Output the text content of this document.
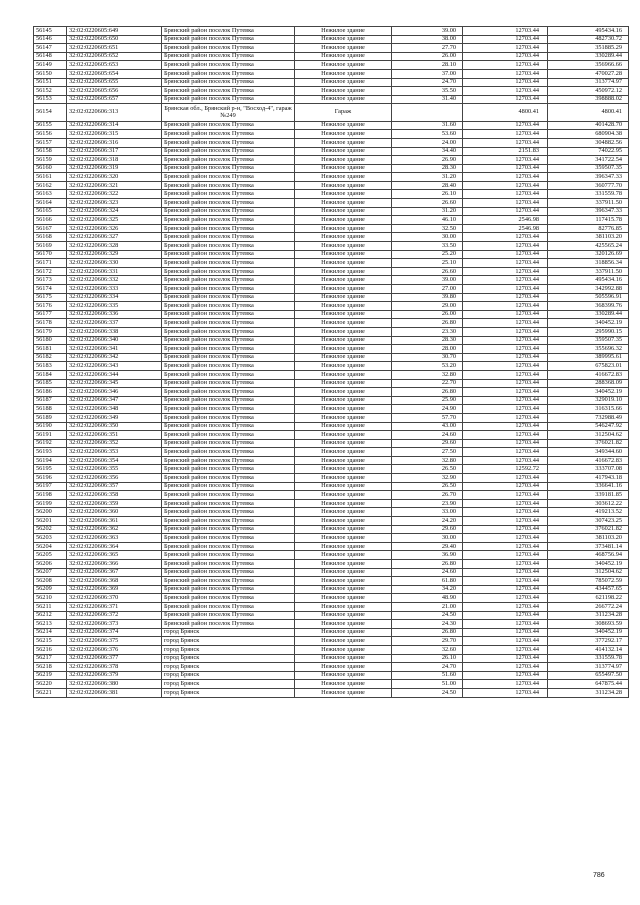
56145	32:02:0220605:649	Брянский район поселок Путевка	Нежилое здание	39.00	12703.44	495434.16
56146	32:02:0220605:650	Брянский район поселок Путевка	Нежилое здание	38.00	12703.44	482730.72
56147	32:02:0220605:651	Брянский район поселок Путевка	Нежилое здание	27.70	12703.44	351885.29
56148	32:02:0220605:652	Брянский район поселок Путевка	Нежилое здание	26.00	12703.44	330289.44
56149	32:02:0220605:653	Брянский район поселок Путевка	Нежилое здание	28.10	12703.44	356966.66
56150	32:02:0220605:654	Брянский район поселок Путевка	Нежилое здание	37.00	12703.44	470027.28
56151	32:02:0220605:655	Брянский район поселок Путевка	Нежилое здание	24.70	12703.44	313774.97
56152	32:02:0220605:656	Брянский район поселок Путевка	Нежилое здание	35.50	12703.44	450972.12
56153	32:02:0220605:657	Брянский район поселок Путевка	Нежилое здание	31.40	12703.44	398888.02
56154	32:02:0220606:313	Брянская обл., Брянский р-н, "Восход-4", гараж №249	Гараж		4800.41	4800.41
56155	32:02:0220606:314	Брянский район поселок Путевка	Нежилое здание	31.60	12703.44	401428.70
56156	32:02:0220606:315	Брянский район поселок Путевка	Нежилое здание	53.60	12703.44	680904.38
56157	32:02:0220606:316	Брянский район поселок Путевка	Нежилое здание	24.00	12703.44	304882.56
56158	32:02:0220606:317	Брянский район поселок Путевка	Нежилое здание	34.40	2151.83	74022.95
56159	32:02:0220606:318	Брянский район поселок Путевка	Нежилое здание	26.90	12703.44	341722.54
56160	32:02:0220606:319	Брянский район поселок Путевка	Нежилое здание	28.30	12703.44	359507.35
56161	32:02:0220606:320	Брянский район поселок Путевка	Нежилое здание	31.20	12703.44	396347.33
56162	32:02:0220606:321	Брянский район поселок Путевка	Нежилое здание	28.40	12703.44	360777.70
56163	32:02:0220606:322	Брянский район поселок Путевка	Нежилое здание	26.10	12703.44	331559.78
56164	32:02:0220606:323	Брянский район поселок Путевка	Нежилое здание	26.60	12703.44	337911.50
56165	32:02:0220606:324	Брянский район поселок Путевка	Нежилое здание	31.20	12703.44	396347.33
56166	32:02:0220606:325	Брянский район поселок Путевка	Нежилое здание	46.10	2546.98	117415.78
56167	32:02:0220606:326	Брянский район поселок Путевка	Нежилое здание	32.50	2546.98	82776.85
56168	32:02:0220606:327	Брянский район поселок Путевка	Нежилое здание	30.00	12703.44	381103.20
56169	32:02:0220606:328	Брянский район поселок Путевка	Нежилое здание	33.50	12703.44	425565.24
56170	32:02:0220606:329	Брянский район поселок Путевка	Нежилое здание	25.20	12703.44	320126.69
56171	32:02:0220606:330	Брянский район поселок Путевка	Нежилое здание	25.10	12703.44	318856.34
56172	32:02:0220606:331	Брянский район поселок Путевка	Нежилое здание	26.60	12703.44	337911.50
56173	32:02:0220606:332	Брянский район поселок Путевка	Нежилое здание	39.00	12703.44	495434.16
56174	32:02:0220606:333	Брянский район поселок Путевка	Нежилое здание	27.00	12703.44	342992.88
56175	32:02:0220606:334	Брянский район поселок Путевка	Нежилое здание	39.80	12703.44	505596.91
56176	32:02:0220606:335	Брянский район поселок Путевка	Нежилое здание	29.00	12703.44	368399.76
56177	32:02:0220606:336	Брянский район поселок Путевка	Нежилое здание	26.00	12703.44	330289.44
56178	32:02:0220606:337	Брянский район поселок Путевка	Нежилое здание	26.80	12703.44	340452.19
56179	32:02:0220606:338	Брянский район поселок Путевка	Нежилое здание	23.30	12703.44	295990.15
56180	32:02:0220606:340	Брянский район поселок Путевка	Нежилое здание	28.30	12703.44	359507.35
56181	32:02:0220606:341	Брянский район поселок Путевка	Нежилое здание	28.00	12703.44	355696.32
56182	32:02:0220606:342	Брянский район поселок Путевка	Нежилое здание	30.70	12703.44	389995.61
56183	32:02:0220606:343	Брянский район поселок Путевка	Нежилое здание	53.20	12703.44	675823.01
56184	32:02:0220606:344	Брянский район поселок Путевка	Нежилое здание	32.80	12703.44	416672.83
56185	32:02:0220606:345	Брянский район поселок Путевка	Нежилое здание	22.70	12703.44	288368.09
56186	32:02:0220606:346	Брянский район поселок Путевка	Нежилое здание	26.80	12703.44	340452.19
56187	32:02:0220606:347	Брянский район поселок Путевка	Нежилое здание	25.90	12703.44	329019.10
56188	32:02:0220606:348	Брянский район поселок Путевка	Нежилое здание	24.90	12703.44	316315.66
56189	32:02:0220606:349	Брянский район поселок Путевка	Нежилое здание	57.70	12703.44	732988.49
56190	32:02:0220606:350	Брянский район поселок Путевка	Нежилое здание	43.00	12703.44	546247.92
56191	32:02:0220606:351	Брянский район поселок Путевка	Нежилое здание	24.60	12703.44	312504.62
56192	32:02:0220606:352	Брянский район поселок Путевка	Нежилое здание	29.60	12703.44	376021.82
56193	32:02:0220606:353	Брянский район поселок Путевка	Нежилое здание	27.50	12703.44	349344.60
56194	32:02:0220606:354	Брянский район поселок Путевка	Нежилое здание	32.80	12703.44	416672.83
56195	32:02:0220606:355	Брянский район поселок Путевка	Нежилое здание	26.50	12592.72	333707.08
56196	32:02:0220606:356	Брянский район поселок Путевка	Нежилое здание	32.90	12703.44	417943.18
56197	32:02:0220606:357	Брянский район поселок Путевка	Нежилое здание	26.50	12703.44	336641.16
56198	32:02:0220606:358	Брянский район поселок Путевка	Нежилое здание	26.70	12703.44	339181.85
56199	32:02:0220606:359	Брянский район поселок Путевка	Нежилое здание	23.90	12703.44	303612.22
56200	32:02:0220606:360	Брянский район поселок Путевка	Нежилое здание	33.00	12703.44	419213.52
56201	32:02:0220606:361	Брянский район поселок Путевка	Нежилое здание	24.20	12703.44	307423.25
56202	32:02:0220606:362	Брянский район поселок Путевка	Нежилое здание	29.60	12703.44	376021.82
56203	32:02:0220606:363	Брянский район поселок Путевка	Нежилое здание	30.00	12703.44	381103.20
56204	32:02:0220606:364	Брянский район поселок Путевка	Нежилое здание	29.40	12703.44	373481.14
56205	32:02:0220606:365	Брянский район поселок Путевка	Нежилое здание	36.90	12703.44	468756.94
56206	32:02:0220606:366	Брянский район поселок Путевка	Нежилое здание	26.80	12703.44	340452.19
56207	32:02:0220606:367	Брянский район поселок Путевка	Нежилое здание	24.60	12703.44	312504.62
56208	32:02:0220606:368	Брянский район поселок Путевка	Нежилое здание	61.80	12703.44	785072.59
56209	32:02:0220606:369	Брянский район поселок Путевка	Нежилое здание	34.20	12703.44	434457.65
56210	32:02:0220606:370	Брянский район поселок Путевка	Нежилое здание	48.90	12703.44	621198.22
56211	32:02:0220606:371	Брянский район поселок Путевка	Нежилое здание	21.00	12703.44	266772.24
56212	32:02:0220606:372	Брянский район поселок Путевка	Нежилое здание	24.50	12703.44	311234.28
56213	32:02:0220606:373	Брянский район поселок Путевка	Нежилое здание	24.30	12703.44	308693.59
56214	32:02:0220606:374	город Брянск	Нежилое здание	26.80	12703.44	340452.19
56215	32:02:0220606:375	город Брянск	Нежилое здание	29.70	12703.44	377292.17
56216	32:02:0220606:376	город Брянск	Нежилое здание	32.60	12703.44	414132.14
56217	32:02:0220606:377	город Брянск	Нежилое здание	26.10	12703.44	331559.78
56218	32:02:0220606:378	город Брянск	Нежилое здание	24.70	12703.44	313774.97
56219	32:02:0220606:379	город Брянск	Нежилое здание	51.60	12703.44	655497.50
56220	32:02:0220606:380	город Брянск	Нежилое здание	51.00	12703.44	647875.44
56221	32:02:0220606:381	город Брянск	Нежилое здание	24.50	12703.44	311234.28
786
